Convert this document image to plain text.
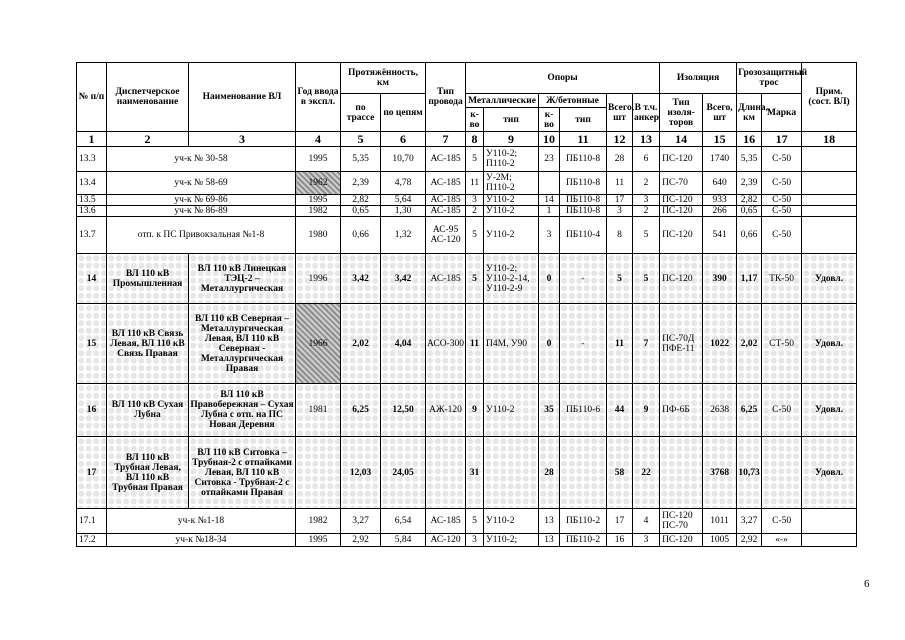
№ п/п	Диспетчерское наименование	Наименование ВЛ	Год ввода в экспл.	Протяжённость, км		Тип провода	Опоры						Изоляция		Грозозащитный трос		Прим. (сост. ВЛ)
				по трассе	по цепям		Металлические		Ж/бетонные		Всего, шт	В т.ч. анкер	Тип изоля-торов	Всего, шт	Длина, км	Марка	
							к-во	тип	к-во	тип							
1	2	3	4	5	6	7	8	9	10	11	12	13	14	15	16	17	18
13.3	уч-к № 30-58		1995	5,35	10,70	АС-185	5	У110-2; П110-2	23	ПБ110-8	28	6	ПС-120	1740	5,35	С-50	
13.4	уч-к № 58-69		1962	2,39	4,78	АС-185	11	У-2М; П110-2		ПБ110-8	11	2	ПС-70	640	2,39	С-50	
13.5	уч-к № 69-86		1995	2,82	5,64	АС-185	3	У110-2	14	ПБ110-8	17	3	ПС-120	933	2,82	С-50	
13.6	уч-к № 86-89		1982	0,65	1,30	АС-185	2	У110-2	1	ПБ110-8	3	2	ПС-120	266	0,65	С-50	
13.7	отп. к ПС Привокзальная №1-8		1980	0,66	1,32	АС-95 АС-120	5	У110-2	3	ПБ110-4	8	5	ПС-120	541	0,66	С-50	
14	ВЛ 110 кВ Промышленная	ВЛ 110 кВ Линецкая ТЭЦ-2 – Металлургическая	1996	3,42	3,42	АС-185	5	У110-2; У110-2-14, У110-2-9	0	-	5	5	ПС-120	390	1,17	ТК-50	Удовл.
15	ВЛ 110 кВ Связь Левая, ВЛ 110 кВ Связь Правая	ВЛ 110 кВ Северная – Металлургическая Левая, ВЛ 110 кВ Северная - Металлургическая Правая	1966	2,02	4,04	АСО-300	11	П4М, У90	0	-	11	7	ПС-70Д ПФЕ-11	1022	2,02	СТ-50	Удовл.
16	ВЛ 110 кВ Сухая Лубна	ВЛ 110 кВ Правобережная – Сухая Лубна с отп. на ПС Новая Деревня	1981	6,25	12,50	АЖ-120	9	У110-2	35	ПБ110-6	44	9	ПФ-6Б	2638	6,25	С-50	Удовл.
17	ВЛ 110 кВ Трубная Левая, ВЛ 110 кВ Трубная Правая	ВЛ 110 кВ Ситовка – Трубная-2 с отпайками Левая, ВЛ 110 кВ Ситовка - Трубная-2 с отпайками Правая		12,03	24,05		31		28		58	22		3768	10,73		Удовл.
17.1	уч-к №1-18		1982	3,27	6,54	АС-185	5	У110-2	13	ПБ110-2	17	4	ПС-120 ПС-70	1011	3,27	С-50	
17.2	уч-к №18-34		1995	2,92	5,84	АС-120	3	У110-2;	13	ПБ110-2	16	3	ПС-120	1005	2,92	«-»	
6
